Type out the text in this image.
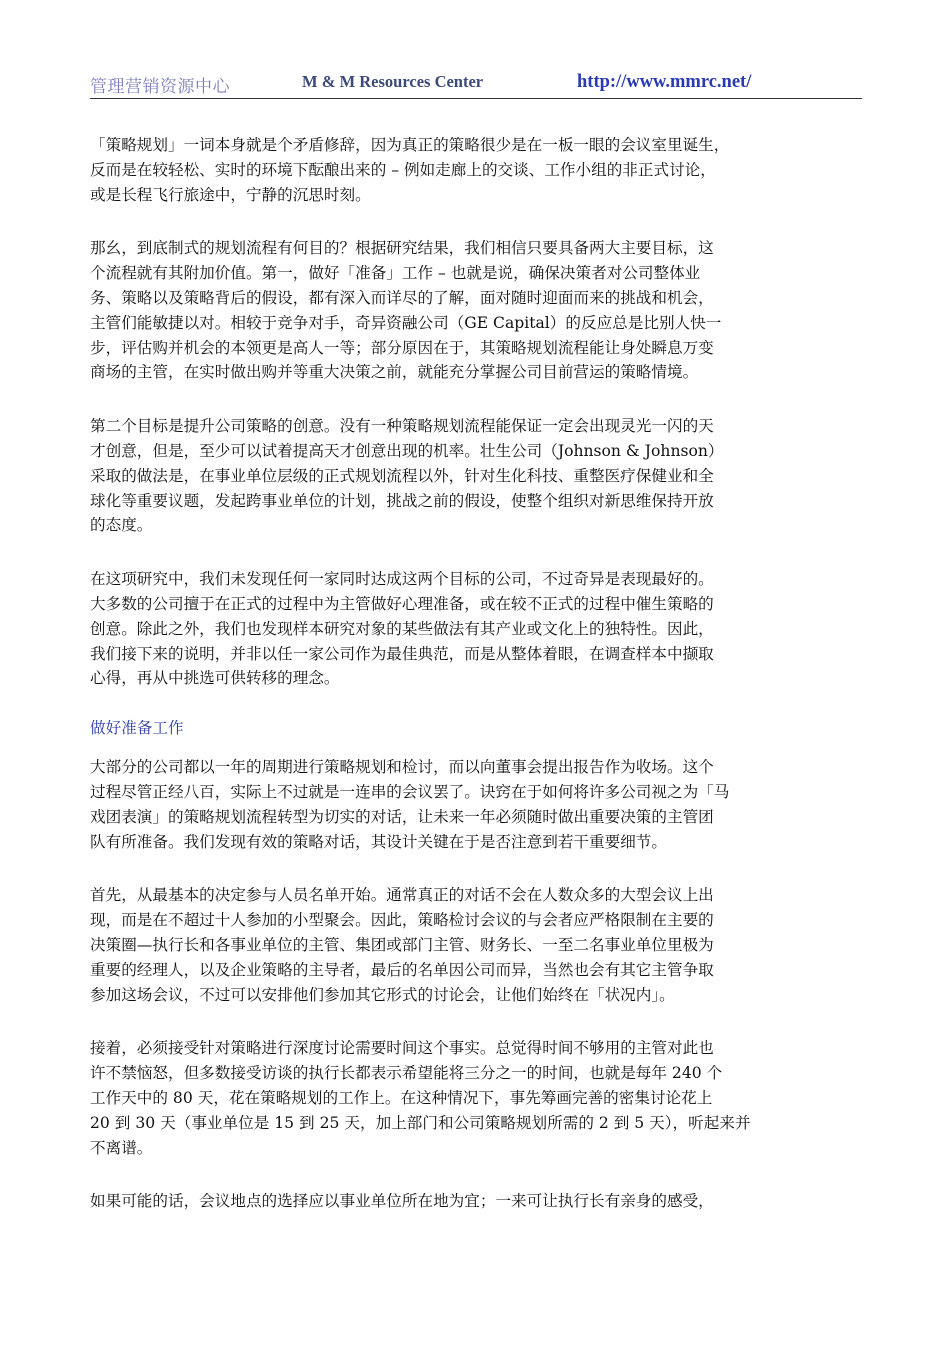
管理营销资源中心	M & M Resources Center	http://www.mmrc.net/

「策略规划」一词本身就是个矛盾修辞，因为真正的策略很少是在一板一眼的会议室里诞生，
反而是在较轻松、实时的环境下酝酿出来的 – 例如走廊上的交谈、工作小组的非正式讨论，
或是长程飞行旅途中，宁静的沉思时刻。

那幺，到底制式的规划流程有何目的？根据研究结果，我们相信只要具备两大主要目标，这
个流程就有其附加价值。第一，做好「准备」工作 – 也就是说，确保决策者对公司整体业
务、策略以及策略背后的假设，都有深入而详尽的了解，面对随时迎面而来的挑战和机会，
主管们能敏捷以对。相较于竞争对手，奇异资融公司（GE Capital）的反应总是比别人快一
步，评估购并机会的本领更是高人一等；部分原因在于，其策略规划流程能让身处瞬息万变
商场的主管，在实时做出购并等重大决策之前，就能充分掌握公司目前营运的策略情境。

第二个目标是提升公司策略的创意。没有一种策略规划流程能保证一定会出现灵光一闪的天
才创意，但是，至少可以试着提高天才创意出现的机率。壮生公司（Johnson & Johnson）
采取的做法是，在事业单位层级的正式规划流程以外，针对生化科技、重整医疗保健业和全
球化等重要议题，发起跨事业单位的计划，挑战之前的假设，使整个组织对新思维保持开放
的态度。

在这项研究中，我们未发现任何一家同时达成这两个目标的公司，不过奇异是表现最好的。
大多数的公司擅于在正式的过程中为主管做好心理准备，或在较不正式的过程中催生策略的
创意。除此之外，我们也发现样本研究对象的某些做法有其产业或文化上的独特性。因此，
我们接下来的说明，并非以任一家公司作为最佳典范，而是从整体着眼，在调查样本中撷取
心得，再从中挑选可供转移的理念。

做好准备工作

大部分的公司都以一年的周期进行策略规划和检讨，而以向董事会提出报告作为收场。这个
过程尽管正经八百，实际上不过就是一连串的会议罢了。诀窍在于如何将许多公司视之为「马
戏团表演」的策略规划流程转型为切实的对话，让未来一年必须随时做出重要决策的主管团
队有所准备。我们发现有效的策略对话，其设计关键在于是否注意到若干重要细节。

首先，从最基本的决定参与人员名单开始。通常真正的对话不会在人数众多的大型会议上出
现，而是在不超过十人参加的小型聚会。因此，策略检讨会议的与会者应严格限制在主要的
决策圈—执行长和各事业单位的主管、集团或部门主管、财务长、一至二名事业单位里极为
重要的经理人，以及企业策略的主导者，最后的名单因公司而异，当然也会有其它主管争取
参加这场会议，不过可以安排他们参加其它形式的讨论会，让他们始终在「状况内」。

接着，必须接受针对策略进行深度讨论需要时间这个事实。总觉得时间不够用的主管对此也
许不禁恼怒，但多数接受访谈的执行长都表示希望能将三分之一的时间，也就是每年 240 个
工作天中的 80 天，花在策略规划的工作上。在这种情况下，事先筹画完善的密集讨论花上
20 到 30 天（事业单位是 15 到 25 天，加上部门和公司策略规划所需的 2 到 5 天），听起来并
不离谱。

如果可能的话，会议地点的选择应以事业单位所在地为宜；一来可让执行长有亲身的感受，
